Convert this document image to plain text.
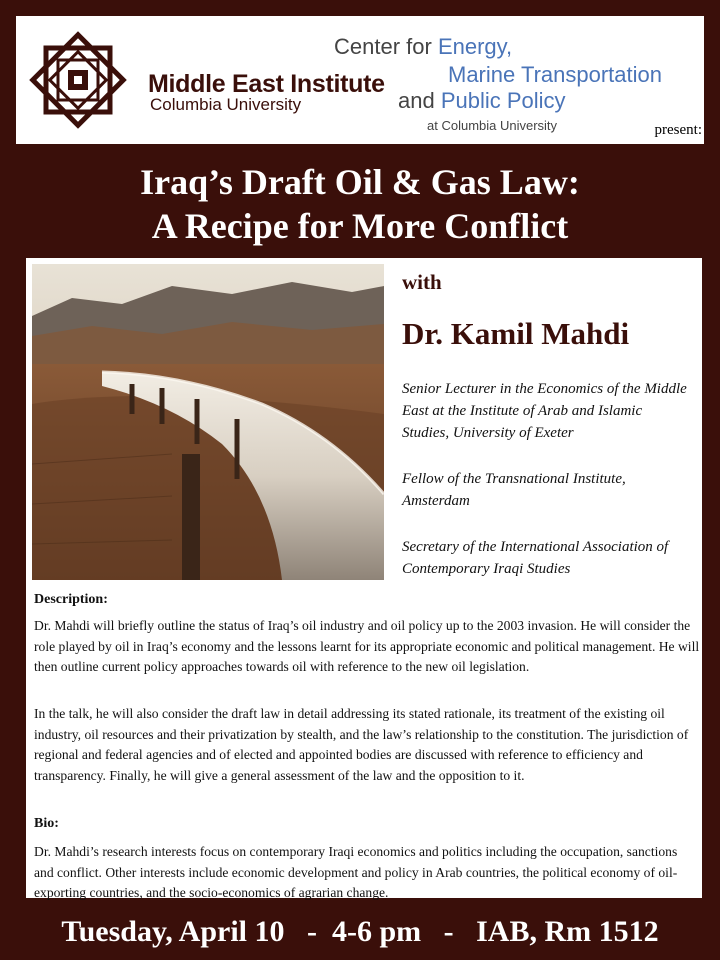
Middle East Institute
Columbia University
Center for Energy,
Marine Transportation
and Public Policy
at Columbia University	present:
Iraq’s Draft Oil & Gas Law:
A Recipe for More Conflict
with
Dr. Kamil Mahdi
Senior Lecturer in the Economics of the Middle East at the Institute of Arab and Islamic Studies, University of Exeter
Fellow of the Transnational Institute, Amsterdam
Secretary of the International Association of Contemporary Iraqi Studies
Description:
Dr. Mahdi will briefly outline the status of Iraq’s oil industry and oil policy up to the 2003 invasion. He will consider the role played by oil in Iraq’s economy and the lessons learnt for its appropriate economic and political management. He will then outline current policy approaches towards oil with reference to the new oil legislation.
In the talk, he will also consider the draft law in detail addressing its stated rationale, its treatment of the existing oil industry, oil resources and their privatization by stealth, and the law’s relationship to the constitution. The jurisdiction of regional and federal agencies and of elected and appointed bodies are discussed with reference to efficiency and transparency. Finally, he will give a general assessment of the law and the opposition to it.
Bio:
Dr. Mahdi’s research interests focus on contemporary Iraqi economics and politics including the occupation, sanctions and conflict. Other interests include economic development and policy in Arab countries, the political economy of oil-exporting countries, and the socio-economics of agrarian change.
Tuesday, April 10   -  4-6 pm   -   IAB, Rm 1512
